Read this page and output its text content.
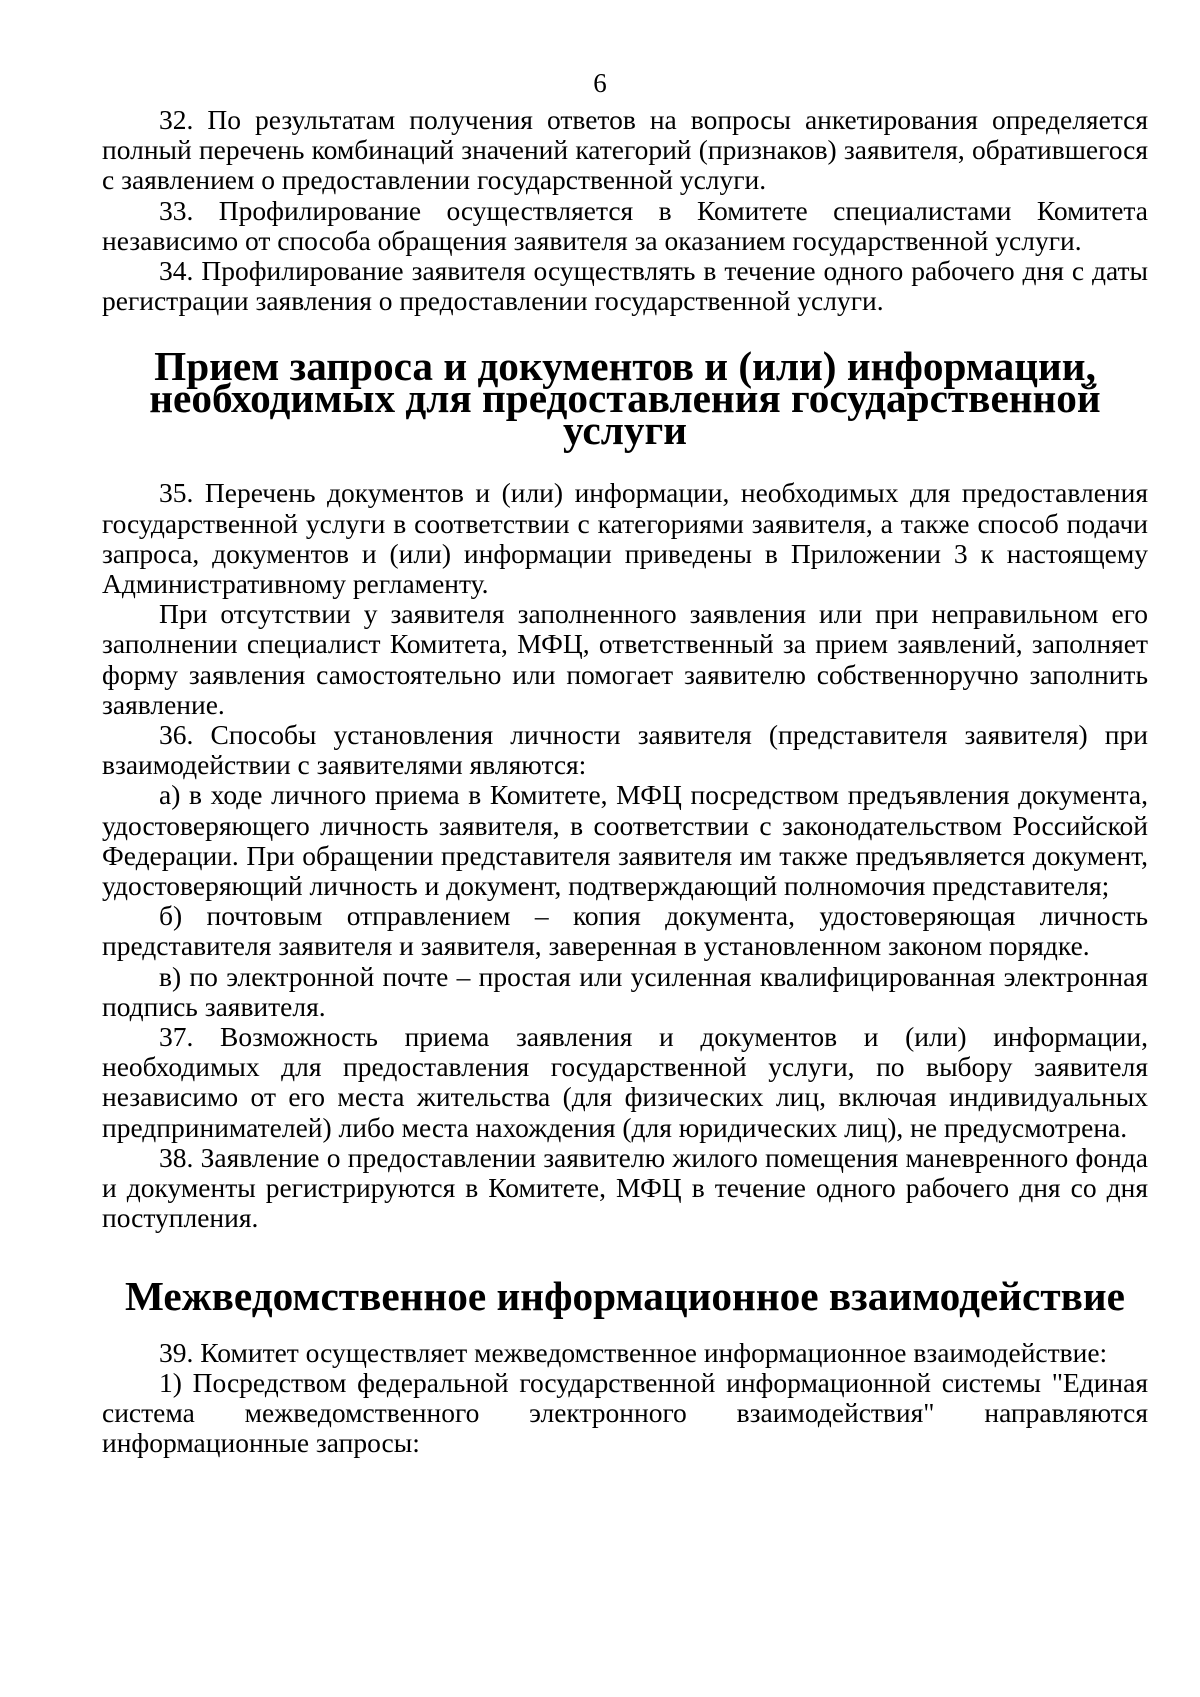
6

32. По результатам получения ответов на вопросы анкетирования определяется полный перечень комбинаций значений категорий (признаков) заявителя, обратившегося с заявлением о предоставлении государственной услуги.

33. Профилирование осуществляется в Комитете специалистами Комитета независимо от способа обращения заявителя за оказанием государственной услуги.

34. Профилирование заявителя осуществлять в течение одного рабочего дня с даты регистрации заявления о предоставлении государственной услуги.

Прием запроса и документов и (или) информации, необходимых для предоставления государственной услуги

35. Перечень документов и (или) информации, необходимых для предоставления государственной услуги в соответствии с категориями заявителя, а также способ подачи запроса, документов и (или) информации приведены в Приложении 3 к настоящему Административному регламенту.

При отсутствии у заявителя заполненного заявления или при неправильном его заполнении специалист Комитета, МФЦ, ответственный за прием заявлений, заполняет форму заявления самостоятельно или помогает заявителю собственноручно заполнить заявление.

36. Способы установления личности заявителя (представителя заявителя) при взаимодействии с заявителями являются:

а) в ходе личного приема в Комитете, МФЦ посредством предъявления документа, удостоверяющего личность заявителя, в соответствии с законодательством Российской Федерации. При обращении представителя заявителя им также предъявляется документ, удостоверяющий личность и документ, подтверждающий полномочия представителя;

б) почтовым отправлением – копия документа, удостоверяющая личность представителя заявителя и заявителя, заверенная в установленном законом порядке.

в) по электронной почте – простая или усиленная квалифицированная электронная подпись заявителя.

37. Возможность приема заявления и документов и (или) информации, необходимых для предоставления государственной услуги, по выбору заявителя независимо от его места жительства (для физических лиц, включая индивидуальных предпринимателей) либо места нахождения (для юридических лиц), не предусмотрена.

38. Заявление о предоставлении заявителю жилого помещения маневренного фонда и документы регистрируются в Комитете, МФЦ в течение одного рабочего дня со дня поступления.

Межведомственное информационное взаимодействие

39. Комитет осуществляет межведомственное информационное взаимодействие:

1) Посредством федеральной государственной информационной системы "Единая система межведомственного электронного взаимодействия" направляются информационные запросы:
